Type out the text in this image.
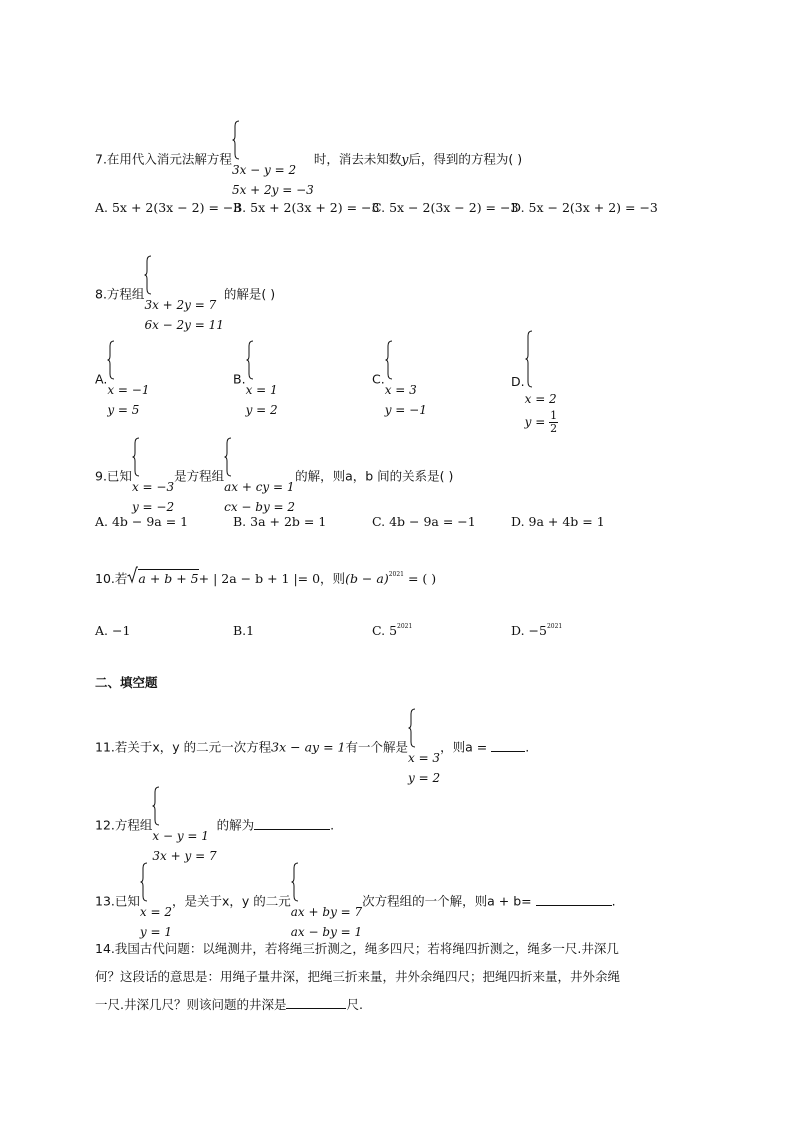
7.在用代入消元法解方程
3x − y = 2
5x + 2y = −3
时，消去未知数y后，得到的方程为( )
A. 5x + 2(3x − 2) = −3
B. 5x + 2(3x + 2) = −3
C. 5x − 2(3x − 2) = −3
D. 5x − 2(3x + 2) = −3
8.方程组
3x + 2y = 7
6x − 2y = 11
的解是( )
A.
x = −1
y = 5
B.
x = 1
y = 2
C.
x = 3
y = −1
D.
x = 2
$y = \frac{1}{2}$
9.已知
x = −3
y = −2
是方程组
ax + cy = 1
cx − by = 2
的解，则a，b 间的关系是( )
A. 4b − 9a = 1	B. 3a + 2b = 1	C. 4b − 9a = −1	D. 9a + 4b = 1
10.若 a + b + 5+ | 2a − b + 1 |= 0，则$(b - a)^{2021}$ = ( )
A. −1	B.1	C. $5^{2021}$	D. $-5^{2021}$
二、填空题
11.若关于x，y 的二元一次方程3x − ay = 1有一个解是
x = 3
y = 2
，则a =	.
12.方程组
x − y = 1
3x + y = 7
的解为	.
13.已知
x = 2
y = 1
，是关于x，y 的二元
ax + by = 7
ax − by = 1
次方程组的一个解，则a + b=	.
14.我国古代问题：以绳测井，若将绳三折测之，绳多四尺；若将绳四折测之，绳多一尺.井深几
何？这段话的意思是：用绳子量井深，把绳三折来量，井外余绳四尺；把绳四折来量，井外余绳
一尺.井深几尺？则该问题的井深是	尺.
